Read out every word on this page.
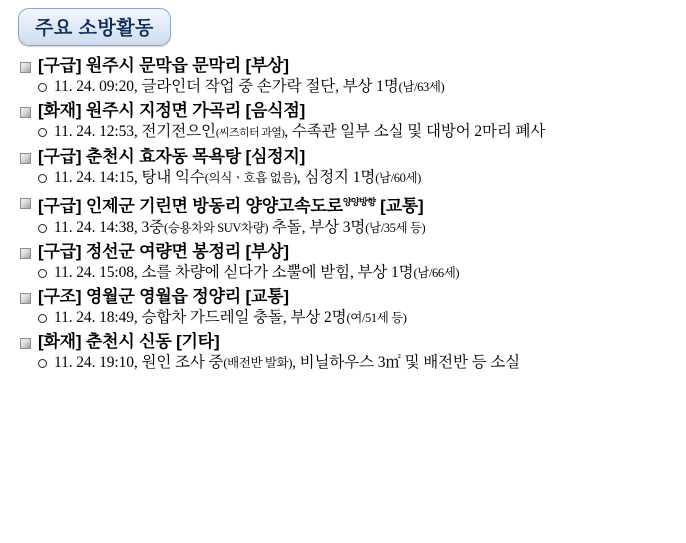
주요 소방활동
[구급] 원주시 문막읍 문막리 [부상]
11. 24. 09:20, 글라인더 작업 중 손가락 절단, 부상 1명(남/63세)
[화재] 원주시 지정면 가곡리 [음식점]
11. 24. 12:53, 전기전으인(씨즈히터 과열), 수족관 일부 소실 및 대방어 2마리 폐사
[구급] 춘천시 효자동 목욕탕 [심정지]
11. 24. 14:15, 탕내 익수(의식ㆍ호흡 없음), 심정지 1명(남/60세)
[구급] 인제군 기린면 방동리 양양고속도로$^{양양방향}$ [교통]
11. 24. 14:38, 3중(승용차와 SUV차량) 추돌, 부상 3명(남/35세 등)
[구급] 정선군 여량면 봉정리 [부상]
11. 24. 15:08, 소를 차량에 싣다가 소뿔에 받힘, 부상 1명(남/66세)
[구조] 영월군 영월읍 정양리 [교통]
11. 24. 18:49, 승합차 가드레일 충돌, 부상 2명(여/51세 등)
[화재] 춘천시 신동 [기타]
11. 24. 19:10, 원인 조사 중(배전반 발화), 비닐하우스 3㎡ 및 배전반 등 소실
